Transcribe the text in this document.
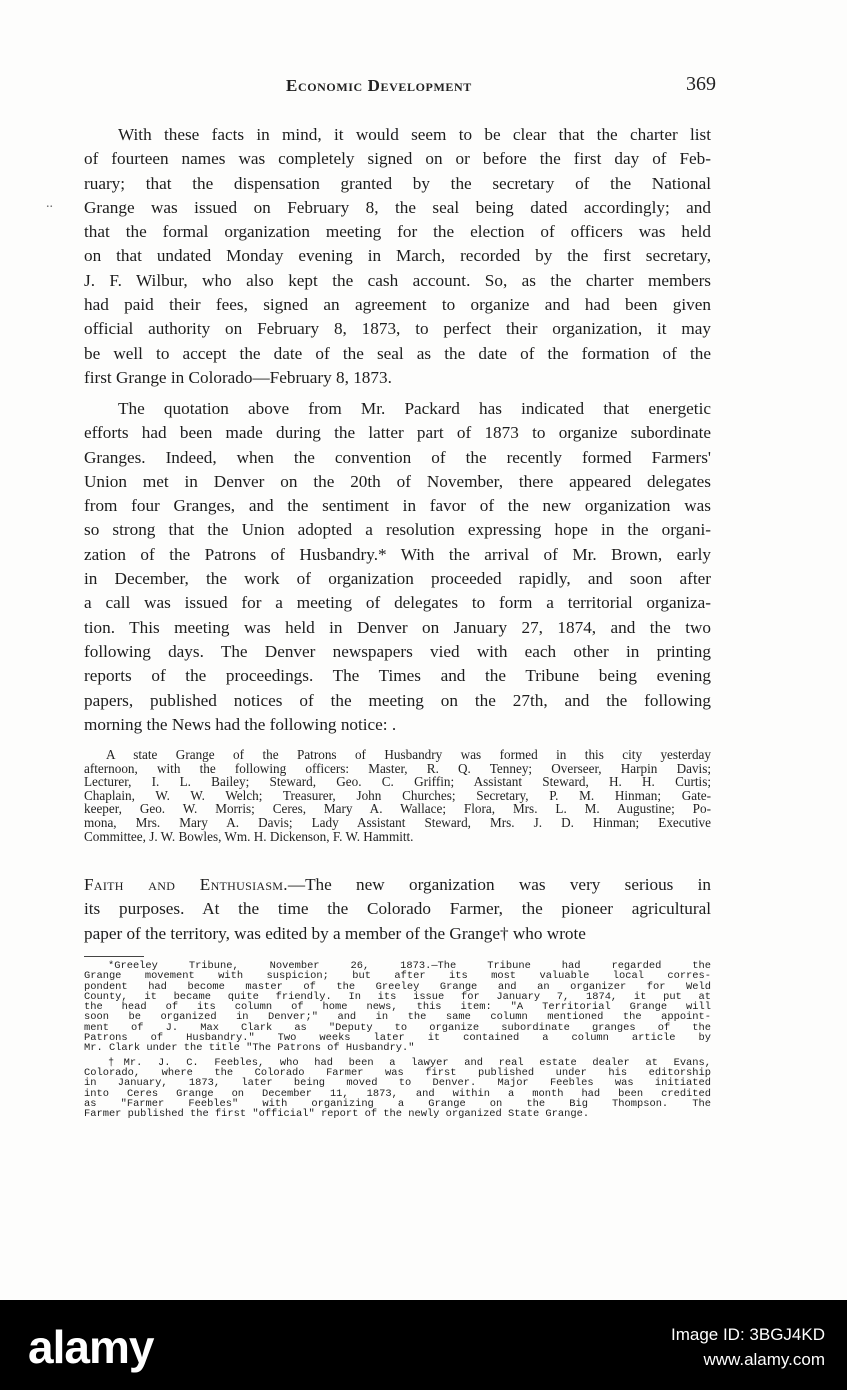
Economic Development	369
..
With these facts in mind, it would seem to be clear that the charter list
of fourteen names was completely signed on or before the first day of Feb-
ruary; that the dispensation granted by the secretary of the National
Grange was issued on February 8, the seal being dated accordingly; and
that the formal organization meeting for the election of officers was held
on that undated Monday evening in March, recorded by the first secretary,
J. F. Wilbur, who also kept the cash account. So, as the charter members
had paid their fees, signed an agreement to organize and had been given
official authority on February 8, 1873, to perfect their organization, it may
be well to accept the date of the seal as the date of the formation of the
first Grange in Colorado—February 8, 1873.
The quotation above from Mr. Packard has indicated that energetic
efforts had been made during the latter part of 1873 to organize subordinate
Granges. Indeed, when the convention of the recently formed Farmers'
Union met in Denver on the 20th of November, there appeared delegates
from four Granges, and the sentiment in favor of the new organization was
so strong that the Union adopted a resolution expressing hope in the organi-
zation of the Patrons of Husbandry.* With the arrival of Mr. Brown, early
in December, the work of organization proceeded rapidly, and soon after
a call was issued for a meeting of delegates to form a territorial organiza-
tion. This meeting was held in Denver on January 27, 1874, and the two
following days. The Denver newspapers vied with each other in printing
reports of the proceedings. The Times and the Tribune being evening
papers, published notices of the meeting on the 27th, and the following
morning the News had the following notice: .
A state Grange of the Patrons of Husbandry was formed in this city yesterday
afternoon, with the following officers: Master, R. Q. Tenney; Overseer, Harpin Davis;
Lecturer, I. L. Bailey; Steward, Geo. C. Griffin; Assistant Steward, H. H. Curtis;
Chaplain, W. W. Welch; Treasurer, John Churches; Secretary, P. M. Hinman; Gate-
keeper, Geo. W. Morris; Ceres, Mary A. Wallace; Flora, Mrs. L. M. Augustine; Po-
mona, Mrs. Mary A. Davis; Lady Assistant Steward, Mrs. J. D. Hinman; Executive
Committee, J. W. Bowles, Wm. H. Dickenson, F. W. Hammitt.
Faith and Enthusiasm.—The new organization was very serious in
its purposes. At the time the Colorado Farmer, the pioneer agricultural
paper of the territory, was edited by a member of the Grange† who wrote
*Greeley Tribune, November 26, 1873.—The Tribune had regarded the
Grange movement with suspicion; but after its most valuable local corres-
pondent had become master of the Greeley Grange and an organizer for Weld
County, it became quite friendly. In its issue for January 7, 1874, it put at
the head of its column of home news, this item: "A Territorial Grange will
soon be organized in Denver;" and in the same column mentioned the appoint-
ment of J. Max Clark as "Deputy to organize subordinate granges of the
Patrons of Husbandry." Two weeks later it contained a column article by
Mr. Clark under the title "The Patrons of Husbandry."
†Mr. J. C. Feebles, who had been a lawyer and real estate dealer at Evans,
Colorado, where the Colorado Farmer was first published under his editorship
in January, 1873, later being moved to Denver. Major Feebles was initiated
into Ceres Grange on December 11, 1873, and within a month had been credited
as "Farmer Feebles" with organizing a Grange on the Big Thompson. The
Farmer published the first "official" report of the newly organized State Grange.
alamy	Image ID: 3BGJ4KD
www.alamy.com
